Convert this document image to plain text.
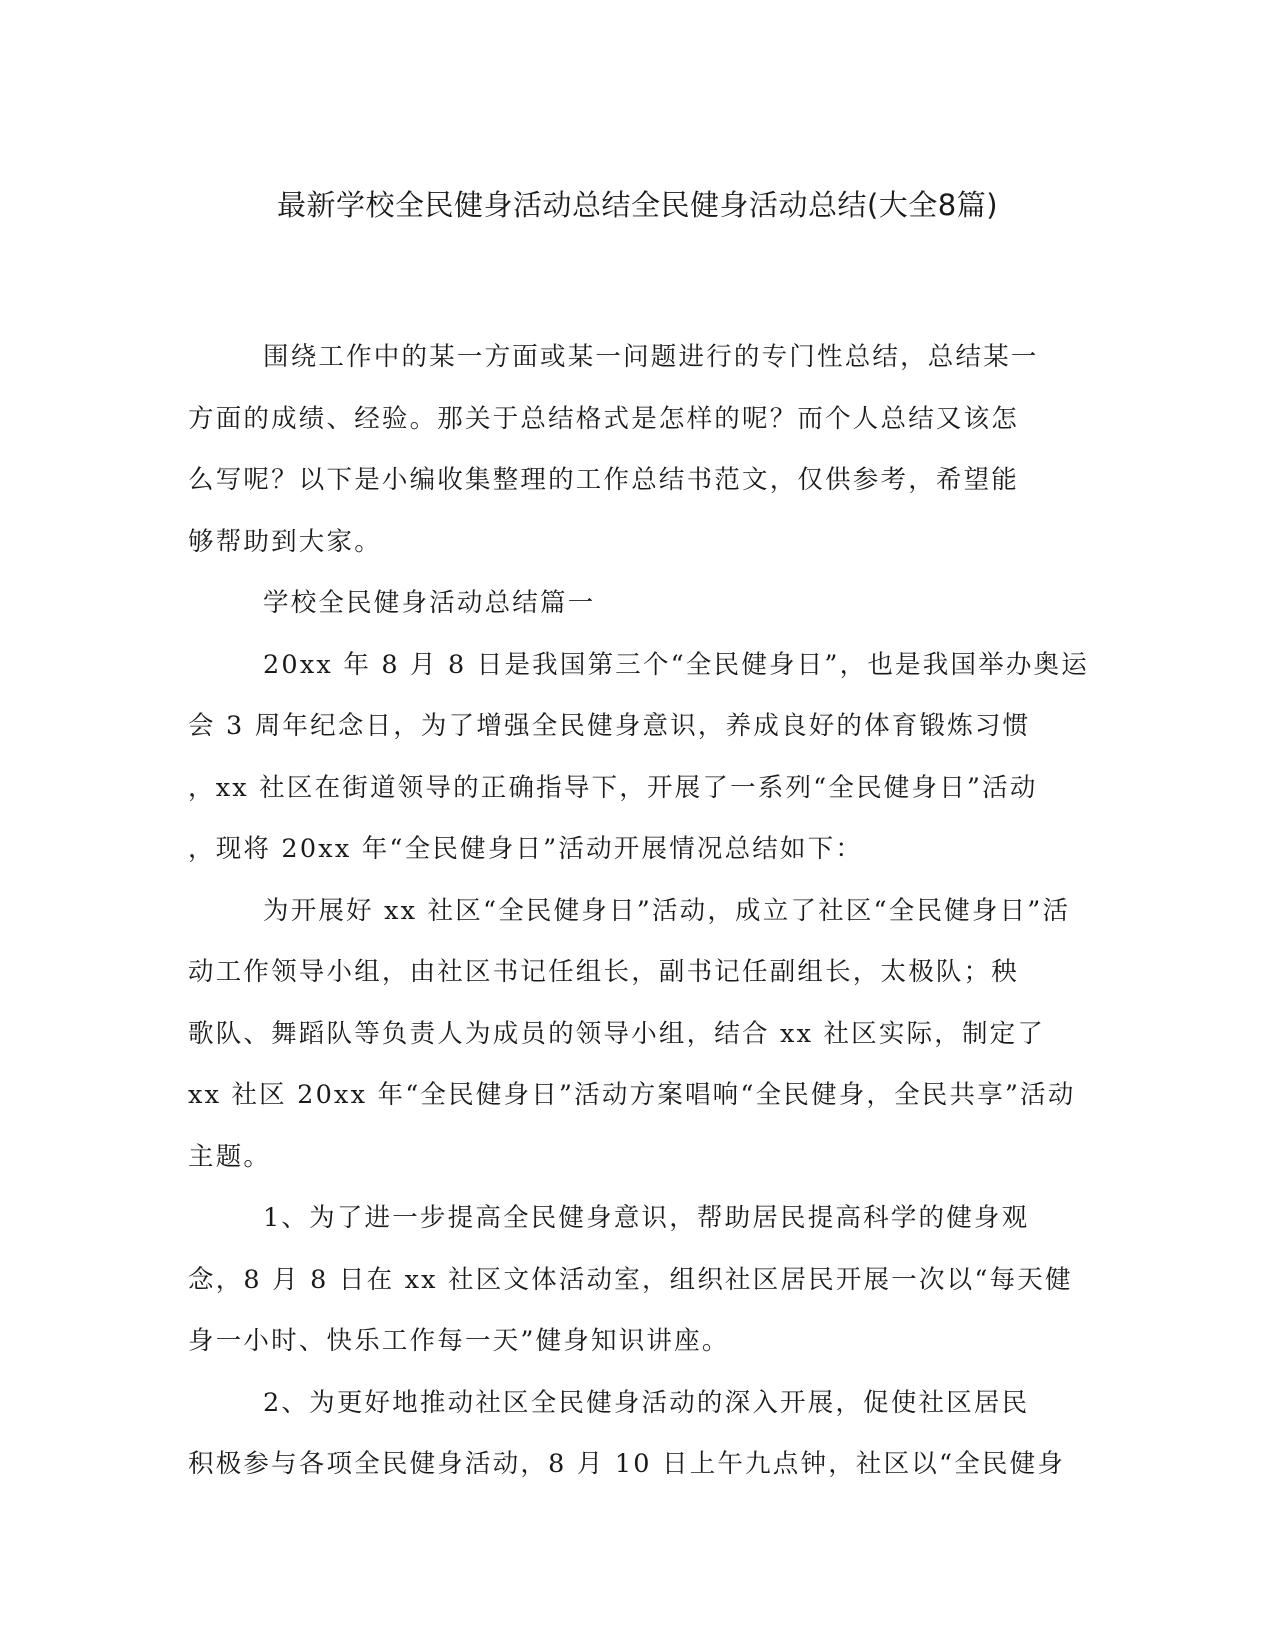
最新学校全民健身活动总结全民健身活动总结(大全8篇)

围绕工作中的某一方面或某一问题进行的专门性总结，总结某一

方面的成绩、经验。那关于总结格式是怎样的呢？而个人总结又该怎

么写呢？以下是小编收集整理的工作总结书范文，仅供参考，希望能

够帮助到大家。

学校全民健身活动总结篇一

20xx 年 8 月 8 日是我国第三个“全民健身日”，也是我国举办奥运

会 3 周年纪念日，为了增强全民健身意识，养成良好的体育锻炼习惯

，xx 社区在街道领导的正确指导下，开展了一系列“全民健身日”活动

，现将 20xx 年“全民健身日”活动开展情况总结如下：

为开展好 xx 社区“全民健身日”活动，成立了社区“全民健身日”活

动工作领导小组，由社区书记任组长，副书记任副组长，太极队；秧

歌队、舞蹈队等负责人为成员的领导小组，结合 xx 社区实际，制定了

xx 社区 20xx 年“全民健身日”活动方案唱响“全民健身，全民共享”活动

主题。

1、为了进一步提高全民健身意识，帮助居民提高科学的健身观

念，8 月 8 日在 xx 社区文体活动室，组织社区居民开展一次以“每天健

身一小时、快乐工作每一天”健身知识讲座。

2、为更好地推动社区全民健身活动的深入开展，促使社区居民

积极参与各项全民健身活动，8 月 10 日上午九点钟，社区以“全民健身
